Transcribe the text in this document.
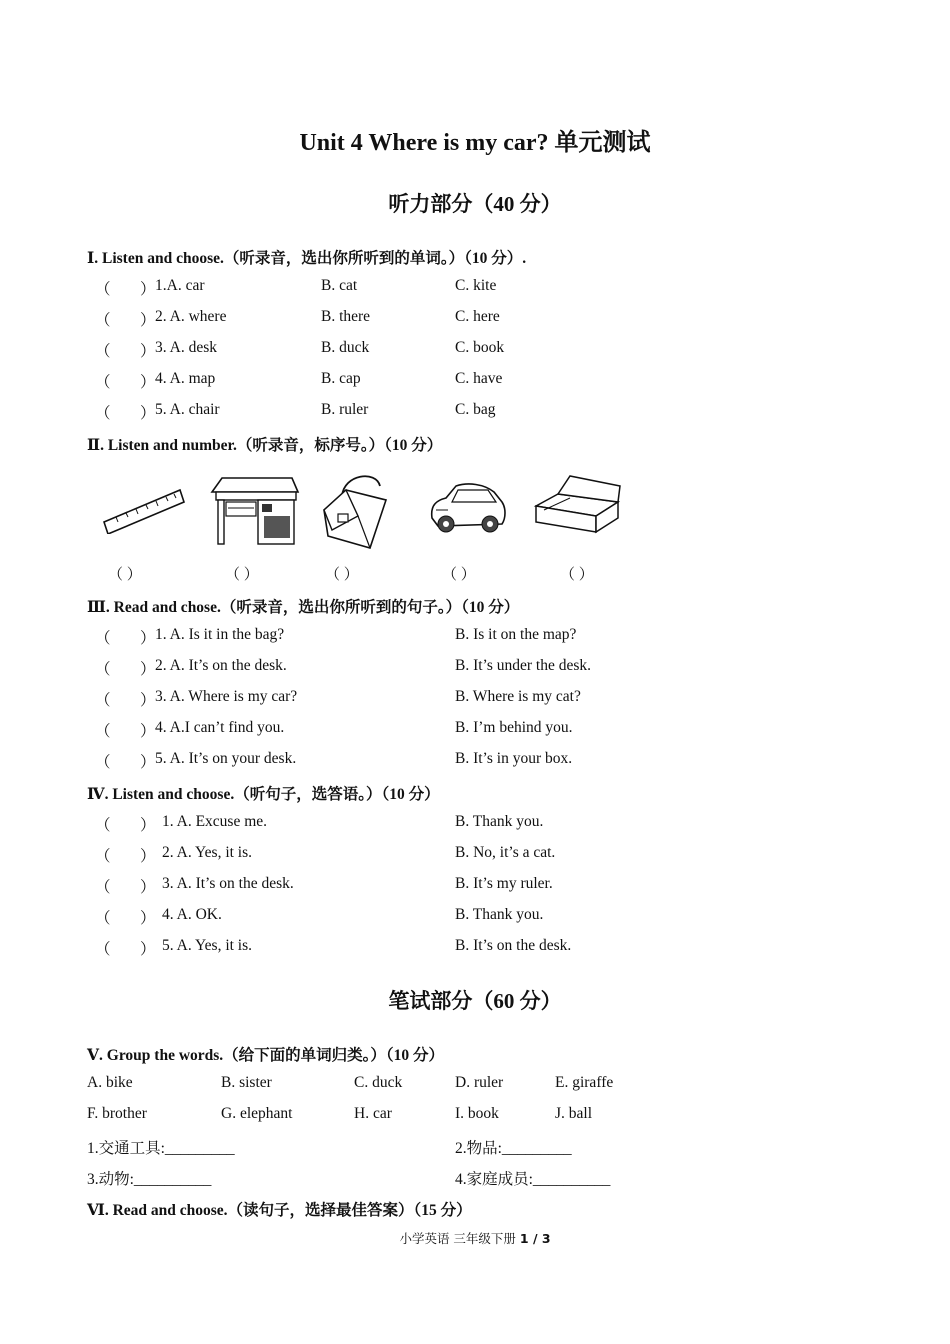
Unit 4 Where is my car? 单元测试
听力部分（40 分）
Ⅰ. Listen and choose.（听录音，选出你所听到的单词。）（10 分）.
（ ） 1.A. car	B. cat	C. kite
（ ） 2. A. where	B. there	C. here
（ ） 3. A. desk	B. duck	C. book
（ ） 4. A. map	B. cap	C. have
（ ） 5. A. chair	B. ruler	C. bag
Ⅱ. Listen and number.（听录音，标序号。）（10 分）
（ ）	（ ）	（ ）	（ ）	（ ）
Ⅲ. Read and chose.（听录音，选出你所听到的句子。）（10 分）
（ ） 1. A. Is it in the bag?	B. Is it on the map?
（ ） 2. A. It’s on the desk.	B. It’s under the desk.
（ ） 3. A. Where is my car?	B. Where is my cat?
（ ） 4. A.I can’t find you.	B. I’m behind you.
（ ） 5. A. It’s on your desk.	B. It’s in your box.
Ⅳ. Listen and choose.（听句子，选答语。）（10 分）
（ ） 1. A. Excuse me.	B. Thank you.
（ ） 2. A. Yes, it is.	B. No, it’s a cat.
（ ） 3. A. It’s on the desk.	B. It’s my ruler.
（ ） 4. A. OK.	B. Thank you.
（ ） 5. A. Yes, it is.	B. It’s on the desk.
笔试部分（60 分）
Ⅴ. Group the words.（给下面的单词归类。）（10 分）
A. bike	B. sister	C. duck	D. ruler	E. giraffe
F. brother	G. elephant	H. car	I. book	J. ball
1.交通工具:_________	2.物品:_________
3.动物:__________	4.家庭成员:__________
Ⅵ. Read and choose.（读句子，选择最佳答案）（15 分）
小学英语 三年级下册 1 / 3
